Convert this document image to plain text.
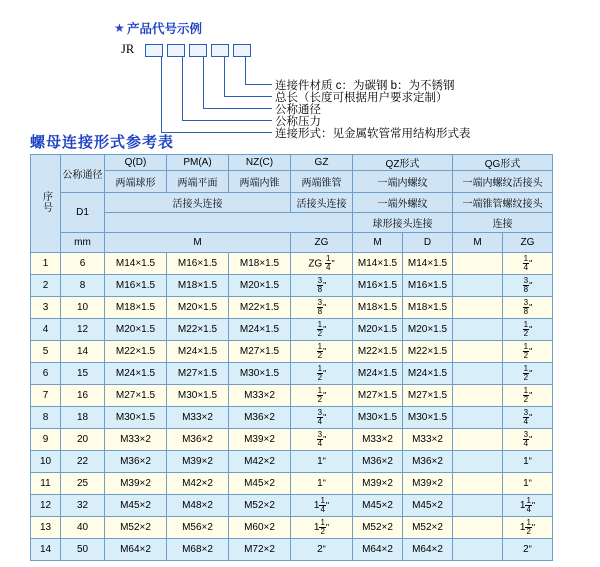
★ 产品代号示例
JR
连接件材质 c：为碳钢 b：为不锈钢
总长（长度可根据用户要求定制）
公称通径
公称压力
连接形式：见金属软管常用结构形式表
螺母连接形式参考表
序号	公称通径	Q(D)	PM(A)	NZ(C)	GZ	QZ形式		QG形式	
		两端球形	两端平面	两端内锥	两端锥管	一端内螺纹		一端内螺纹活接头	
	D1	活接头连接			活接头连接	一端外螺纹		一端锥管螺纹接头	
						球形接头连接		连接	
	mm	M			ZG	M	D	M	ZG
1	6	M14×1.5	M16×1.5	M18×1.5	ZG $\frac{1}{4}$ "	M14×1.5	M14×1.5		$\frac{1}{4}$ "
2	8	M16×1.5	M18×1.5	M20×1.5	$\frac{3}{8}$ "	M16×1.5	M16×1.5		$\frac{3}{8}$ "
3	10	M18×1.5	M20×1.5	M22×1.5	$\frac{3}{8}$ "	M18×1.5	M18×1.5		$\frac{3}{8}$ "
4	12	M20×1.5	M22×1.5	M24×1.5	$\frac{1}{2}$ "	M20×1.5	M20×1.5		$\frac{1}{2}$ "
5	14	M22×1.5	M24×1.5	M27×1.5	$\frac{1}{2}$ "	M22×1.5	M22×1.5		$\frac{1}{2}$ "
6	15	M24×1.5	M27×1.5	M30×1.5	$\frac{1}{2}$ "	M24×1.5	M24×1.5		$\frac{1}{2}$ "
7	16	M27×1.5	M30×1.5	M33×2	$\frac{1}{2}$ "	M27×1.5	M27×1.5		$\frac{1}{2}$ "
8	18	M30×1.5	M33×2	M36×2	$\frac{3}{4}$ "	M30×1.5	M30×1.5		$\frac{3}{4}$ "
9	20	M33×2	M36×2	M39×2	$\frac{3}{4}$ "	M33×2	M33×2		$\frac{3}{4}$ "
10	22	M36×2	M39×2	M42×2	1"	M36×2	M36×2		1"
11	25	M39×2	M42×2	M45×2	1"	M39×2	M39×2		1"
12	32	M45×2	M48×2	M52×2	$1 \frac{1}{4}$ "	M45×2	M45×2		$1 \frac{1}{4}$ "
13	40	M52×2	M56×2	M60×2	$1 \frac{1}{2}$ "	M52×2	M52×2		$1 \frac{1}{2}$ "
14	50	M64×2	M68×2	M72×2	2"	M64×2	M64×2		2"
